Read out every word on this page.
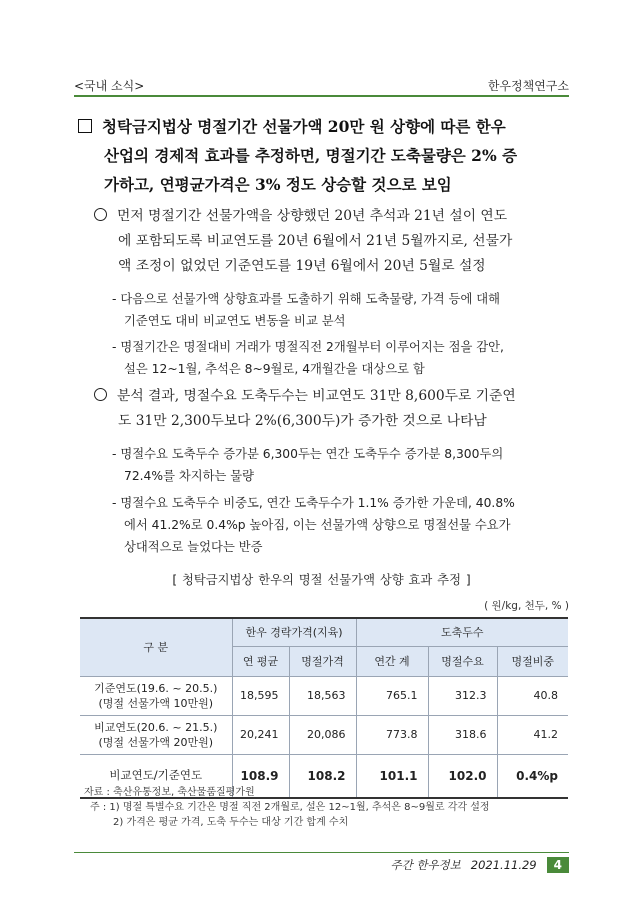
<국내 소식>	한우정책연구소
청탁금지법상 명절기간 선물가액 20만 원 상향에 따른 한우
산업의 경제적 효과를 추정하면, 명절기간 도축물량은 2% 증
가하고, 연평균가격은 3% 정도 상승할 것으로 보임
먼저 명절기간 선물가액을 상향했던 20년 추석과 21년 설이 연도
에 포함되도록 비교연도를 20년 6월에서 21년 5월까지로, 선물가
액 조정이 없었던 기준연도를 19년 6월에서 20년 5월로 설정
- 다음으로 선물가액 상향효과를 도출하기 위해 도축물량, 가격 등에 대해
기준연도 대비 비교연도 변동을 비교 분석
- 명절기간은 명절대비 거래가 명절직전 2개월부터 이루어지는 점을 감안,
설은 12~1월, 추석은 8~9월로, 4개월간을 대상으로 함
분석 결과, 명절수요 도축두수는 비교연도 31만 8,600두로 기준연
도 31만 2,300두보다 2%(6,300두)가 증가한 것으로 나타남
- 명절수요 도축두수 증가분 6,300두는 연간 도축두수 증가분 8,300두의
72.4%를 차지하는 물량
- 명절수요 도축두수 비중도, 연간 도축두수가 1.1% 증가한 가운데, 40.8%
에서 41.2%로 0.4%p 높아짐, 이는 선물가액 상향으로 명절선물 수요가
상대적으로 늘었다는 반증
[ 청탁금지법상 한우의 명절 선물가액 상향 효과 추정 ]
( 원/kg, 천두, % )
구 분	한우 경락가격(지육)		도축두수		
	연 평균	명절가격	연간 계	명절수요	명절비중
기준연도(19.6. ~ 20.5.)
(명절 선물가액 10만원)	18,595	18,563	765.1	312.3	40.8
비교연도(20.6. ~ 21.5.)
(명절 선물가액 20만원)	20,241	20,086	773.8	318.6	41.2
비교연도/기준연도	108.9	108.2	101.1	102.0	0.4%p
자료 : 축산유통정보, 축산물품질평가원
주 : 1) 명절 특별수요 기간은 명절 직전 2개월로, 설은 12~1월, 추석은 8~9월로 각각 설정
2) 가격은 평균 가격, 도축 두수는 대상 기간 합계 수치
주간 한우정보 2021.11.29	4
